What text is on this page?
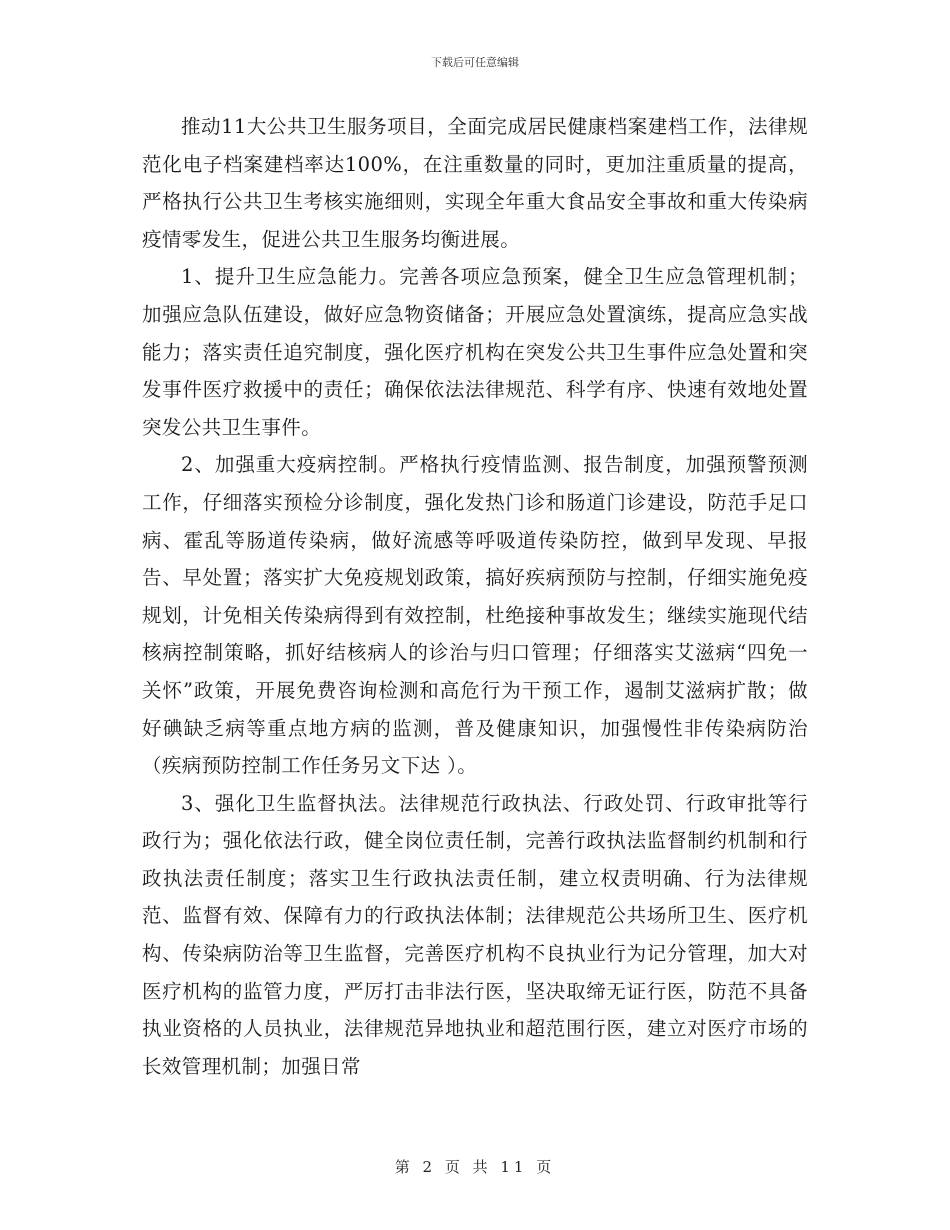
下载后可任意编辑

推动11大公共卫生服务项目，全面完成居民健康档案建档工作，法律规范化电子档案建档率达100%，在注重数量的同时，更加注重质量的提高，严格执行公共卫生考核实施细则，实现全年重大食品安全事故和重大传染病疫情零发生，促进公共卫生服务均衡进展。

1、提升卫生应急能力。完善各项应急预案，健全卫生应急管理机制；加强应急队伍建设，做好应急物资储备；开展应急处置演练，提高应急实战能力；落实责任追究制度，强化医疗机构在突发公共卫生事件应急处置和突发事件医疗救援中的责任；确保依法法律规范、科学有序、快速有效地处置突发公共卫生事件。

2、加强重大疫病控制。严格执行疫情监测、报告制度，加强预警预测工作，仔细落实预检分诊制度，强化发热门诊和肠道门诊建设，防范手足口病、霍乱等肠道传染病，做好流感等呼吸道传染防控，做到早发现、早报告、早处置；落实扩大免疫规划政策，搞好疾病预防与控制，仔细实施免疫规划，计免相关传染病得到有效控制，杜绝接种事故发生；继续实施现代结核病控制策略，抓好结核病人的诊治与归口管理；仔细落实艾滋病“四免一关怀”政策，开展免费咨询检测和高危行为干预工作，遏制艾滋病扩散；做好碘缺乏病等重点地方病的监测，普及健康知识，加强慢性非传染病防治（疾病预防控制工作任务另文下达 ）。

3、强化卫生监督执法。法律规范行政执法、行政处罚、行政审批等行政行为；强化依法行政，健全岗位责任制，完善行政执法监督制约机制和行政执法责任制度；落实卫生行政执法责任制，建立权责明确、行为法律规范、监督有效、保障有力的行政执法体制；法律规范公共场所卫生、医疗机构、传染病防治等卫生监督，完善医疗机构不良执业行为记分管理，加大对医疗机构的监管力度，严厉打击非法行医，坚决取缔无证行医，防范不具备执业资格的人员执业，法律规范异地执业和超范围行医，建立对医疗市场的长效管理机制；加强日常

第 2 页 共 11 页
